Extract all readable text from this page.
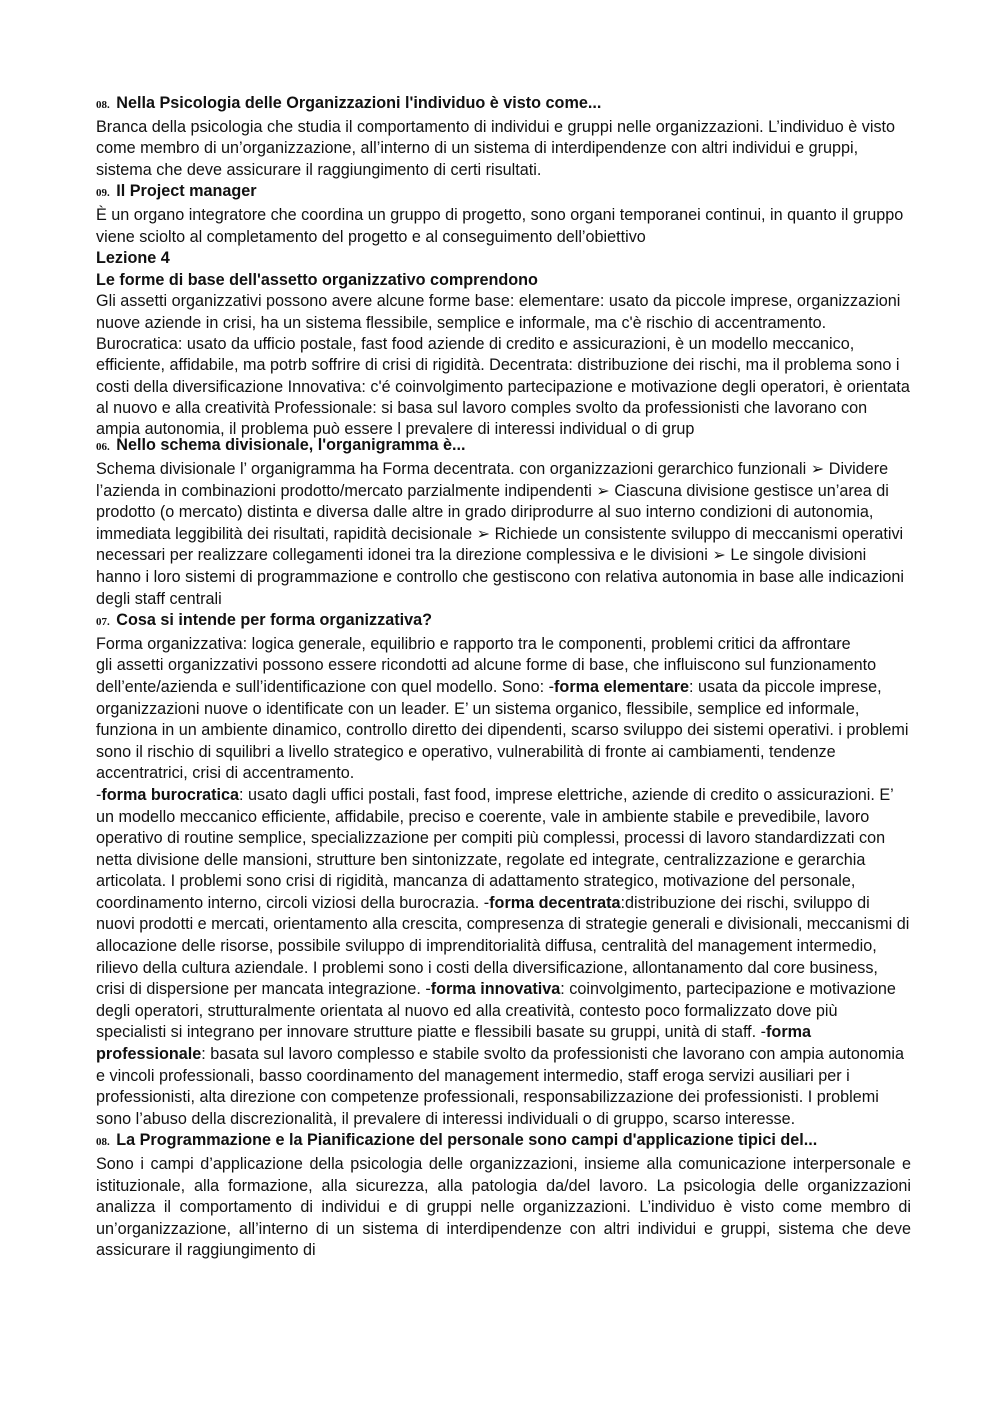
08. Nella Psicologia delle Organizzazioni l'individuo è visto come...

Branca della psicologia che studia il comportamento di individui e gruppi nelle organizzazioni. L’individuo è visto come membro di un’organizzazione, all’interno di un sistema di interdipendenze con altri individui e gruppi, sistema che deve assicurare il raggiungimento di certi risultati.

09. Il Project manager

È un organo integratore che coordina un gruppo di progetto, sono organi temporanei continui, in quanto il gruppo viene sciolto al completamento del progetto e al conseguimento dell’obiettivo

Lezione 4
Le forme di base dell'assetto organizzativo comprendono

Gli assetti organizzativi possono avere alcune forme base: elementare: usato da piccole imprese, organizzazioni nuove aziende in crisi, ha un sistema flessibile, semplice e informale, ma c'è rischio di accentramento. Burocratica: usato da ufficio postale, fast food aziende di credito e assicurazioni, è un modello meccanico, efficiente, affidabile, ma potrb soffrire di crisi di rigidità. Decentrata: distribuzione dei rischi, ma il problema sono i costi della diversificazione Innovativa: c'é coinvolgimento partecipazione e motivazione degli operatori, è orientata al nuovo e alla creatività Professionale: si basa sul lavoro comples svolto da professionisti che lavorano con ampia autonomia, il problema può essere l prevalere di interessi individual o di grup

06. Nello schema divisionale, l'organigramma è...

Schema divisionale l’ organigramma ha Forma decentrata. con organizzazioni gerarchico funzionali ➢ Dividere l’azienda in combinazioni prodotto/mercato parzialmente indipendenti ➢ Ciascuna divisione gestisce un’area di prodotto (o mercato) distinta e diversa dalle altre in grado diriprodurre al suo interno condizioni di autonomia, immediata leggibilità dei risultati, rapidità decisionale ➢ Richiede un consistente sviluppo di meccanismi operativi necessari per realizzare collegamenti idonei tra la direzione complessiva e le divisioni ➢ Le singole divisioni hanno i loro sistemi di programmazione e controllo che gestiscono con relativa autonomia in base alle indicazioni degli staff centrali

07. Cosa si intende per forma organizzativa?

Forma organizzativa: logica generale, equilibrio e rapporto tra le componenti, problemi critici da affrontare

gli assetti organizzativi possono essere ricondotti ad alcune forme di base, che influiscono sul funzionamento dell’ente/azienda e sull’identificazione con quel modello. Sono: -forma elementare: usata da piccole imprese, organizzazioni nuove o identificate con un leader. E’ un sistema organico, flessibile, semplice ed informale, funziona in un ambiente dinamico, controllo diretto dei dipendenti, scarso sviluppo dei sistemi operativi. i problemi sono il rischio di squilibri a livello strategico e operativo, vulnerabilità di fronte ai cambiamenti, tendenze accentratrici, crisi di accentramento.

-forma burocratica: usato dagli uffici postali, fast food, imprese elettriche, aziende di credito o assicurazioni. E’ un modello meccanico efficiente, affidabile, preciso e coerente, vale in ambiente stabile e prevedibile, lavoro operativo di routine semplice, specializzazione per compiti più complessi, processi di lavoro standardizzati con netta divisione delle mansioni, strutture ben sintonizzate, regolate ed integrate, centralizzazione e gerarchia articolata. I problemi sono crisi di rigidità, mancanza di adattamento strategico, motivazione del personale, coordinamento interno, circoli viziosi della burocrazia. -forma decentrata:distribuzione dei rischi, sviluppo di nuovi prodotti e mercati, orientamento alla crescita, compresenza di strategie generali e divisionali, meccanismi di allocazione delle risorse, possibile sviluppo di imprenditorialità diffusa, centralità del management intermedio, rilievo della cultura aziendale. I problemi sono i costi della diversificazione, allontanamento dal core business, crisi di dispersione per mancata integrazione. -forma innovativa: coinvolgimento, partecipazione e motivazione degli operatori, strutturalmente orientata al nuovo ed alla creatività, contesto poco formalizzato dove più specialisti si integrano per innovare strutture piatte e flessibili basate su gruppi, unità di staff. -forma professionale: basata sul lavoro complesso e stabile svolto da professionisti che lavorano con ampia autonomia e vincoli professionali, basso coordinamento del management intermedio, staff eroga servizi ausiliari per i professionisti, alta direzione con competenze professionali, responsabilizzazione dei professionisti. I problemi sono l’abuso della discrezionalità, il prevalere di interessi individuali o di gruppo, scarso interesse.

08. La Programmazione e la Pianificazione del personale sono campi d'applicazione tipici del...

Sono i campi d’applicazione della psicologia delle organizzazioni, insieme alla comunicazione interpersonale e istituzionale, alla formazione, alla sicurezza, alla patologia da/del lavoro. La psicologia delle organizzazioni analizza il comportamento di individui e di gruppi nelle organizzazioni. L’individuo è visto come membro di un’organizzazione, all’interno di un sistema di interdipendenze con altri individui e gruppi, sistema che deve assicurare il raggiungimento di
